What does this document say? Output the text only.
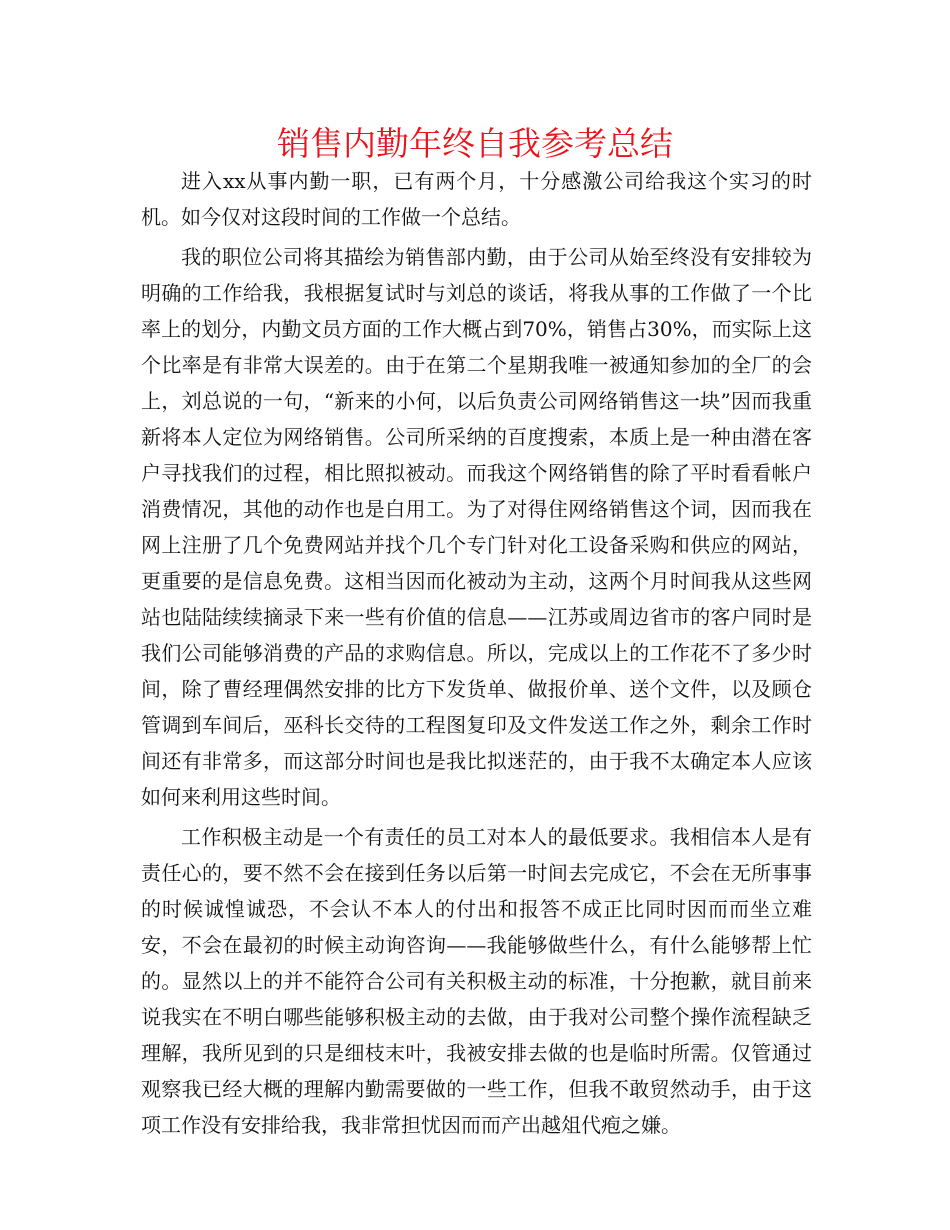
销售内勤年终自我参考总结

进入xx从事内勤一职，已有两个月，十分感激公司给我这个实习的时机。如今仅对这段时间的工作做一个总结。

我的职位公司将其描绘为销售部内勤，由于公司从始至终没有安排较为明确的工作给我，我根据复试时与刘总的谈话，将我从事的工作做了一个比率上的划分，内勤文员方面的工作大概占到70%，销售占30%，而实际上这个比率是有非常大误差的。由于在第二个星期我唯一被通知参加的全厂的会上，刘总说的一句，“新来的小何，以后负责公司网络销售这一块”因而我重新将本人定位为网络销售。公司所采纳的百度搜索，本质上是一种由潜在客户寻找我们的过程，相比照拟被动。而我这个网络销售的除了平时看看帐户消费情况，其他的动作也是白用工。为了对得住网络销售这个词，因而我在网上注册了几个免费网站并找个几个专门针对化工设备采购和供应的网站，更重要的是信息免费。这相当因而化被动为主动，这两个月时间我从这些网站也陆陆续续摘录下来一些有价值的信息——江苏或周边省市的客户同时是我们公司能够消费的产品的求购信息。所以，完成以上的工作花不了多少时间，除了曹经理偶然安排的比方下发货单、做报价单、送个文件，以及顾仓管调到车间后，巫科长交待的工程图复印及文件发送工作之外，剩余工作时间还有非常多，而这部分时间也是我比拟迷茫的，由于我不太确定本人应该如何来利用这些时间。

工作积极主动是一个有责任的员工对本人的最低要求。我相信本人是有责任心的，要不然不会在接到任务以后第一时间去完成它，不会在无所事事的时候诚惶诚恐，不会认不本人的付出和报答不成正比同时因而而坐立难安，不会在最初的时候主动询咨询——我能够做些什么，有什么能够帮上忙的。显然以上的并不能符合公司有关积极主动的标准，十分抱歉，就目前来说我实在不明白哪些能够积极主动的去做，由于我对公司整个操作流程缺乏理解，我所见到的只是细枝末叶，我被安排去做的也是临时所需。仅管通过观察我已经大概的理解内勤需要做的一些工作，但我不敢贸然动手，由于这项工作没有安排给我，我非常担忧因而而产出越俎代疱之嫌。
